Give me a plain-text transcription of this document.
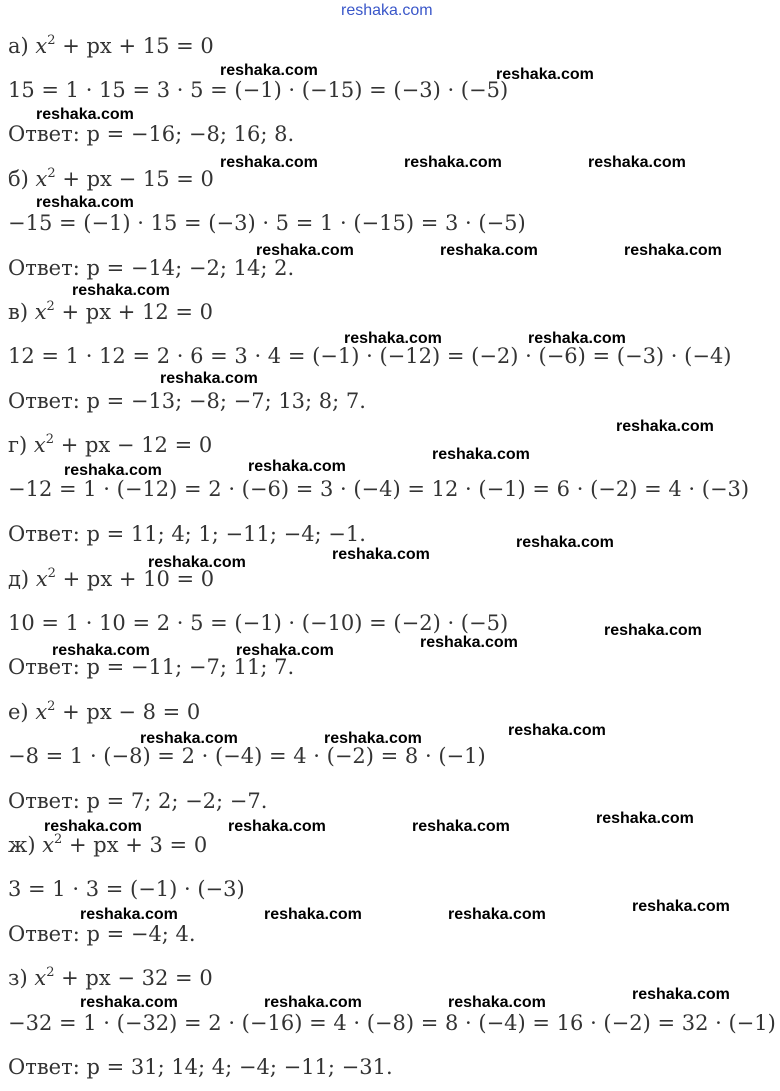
reshaka.com
а) $x^2$ + px + 15 = 0
15 = 1 · 15 = 3 · 5 = (−1) · (−15) = (−3) · (−5)
Ответ: p = −16; −8; 16; 8.
б) $x^2$ + px − 15 = 0
−15 = (−1) · 15 = (−3) · 5 = 1 · (−15) = 3 · (−5)
Ответ: p = −14; −2; 14; 2.
в) $x^2$ + px + 12 = 0
12 = 1 · 12 = 2 · 6 = 3 · 4 = (−1) · (−12) = (−2) · (−6) = (−3) · (−4)
Ответ: p = −13; −8; −7; 13; 8; 7.
г) $x^2$ + px − 12 = 0
−12 = 1 · (−12) = 2 · (−6) = 3 · (−4) = 12 · (−1) = 6 · (−2) = 4 · (−3)
Ответ: p = 11; 4; 1; −11; −4; −1.
д) $x^2$ + px + 10 = 0
10 = 1 · 10 = 2 · 5 = (−1) · (−10) = (−2) · (−5)
Ответ: p = −11; −7; 11; 7.
е) $x^2$ + px − 8 = 0
−8 = 1 · (−8) = 2 · (−4) = 4 · (−2) = 8 · (−1)
Ответ: p = 7; 2; −2; −7.
ж) $x^2$ + px + 3 = 0
3 = 1 · 3 = (−1) · (−3)
Ответ: p = −4; 4.
з) $x^2$ + px − 32 = 0
−32 = 1 · (−32) = 2 · (−16) = 4 · (−8) = 8 · (−4) = 16 · (−2) = 32 · (−1)
Ответ: p = 31; 14; 4; −4; −11; −31.
reshaka.com	reshaka.com
reshaka.com
reshaka.com	reshaka.com	reshaka.com
reshaka.com
reshaka.com	reshaka.com	reshaka.com
reshaka.com
reshaka.com	reshaka.com
reshaka.com
reshaka.com
reshaka.com
reshaka.com
reshaka.com
reshaka.com
reshaka.com
reshaka.com
reshaka.com
reshaka.com
reshaka.com	reshaka.com
reshaka.com
reshaka.com	reshaka.com
reshaka.com
reshaka.com	reshaka.com	reshaka.com
reshaka.com
reshaka.com	reshaka.com	reshaka.com
reshaka.com
reshaka.com	reshaka.com	reshaka.com
